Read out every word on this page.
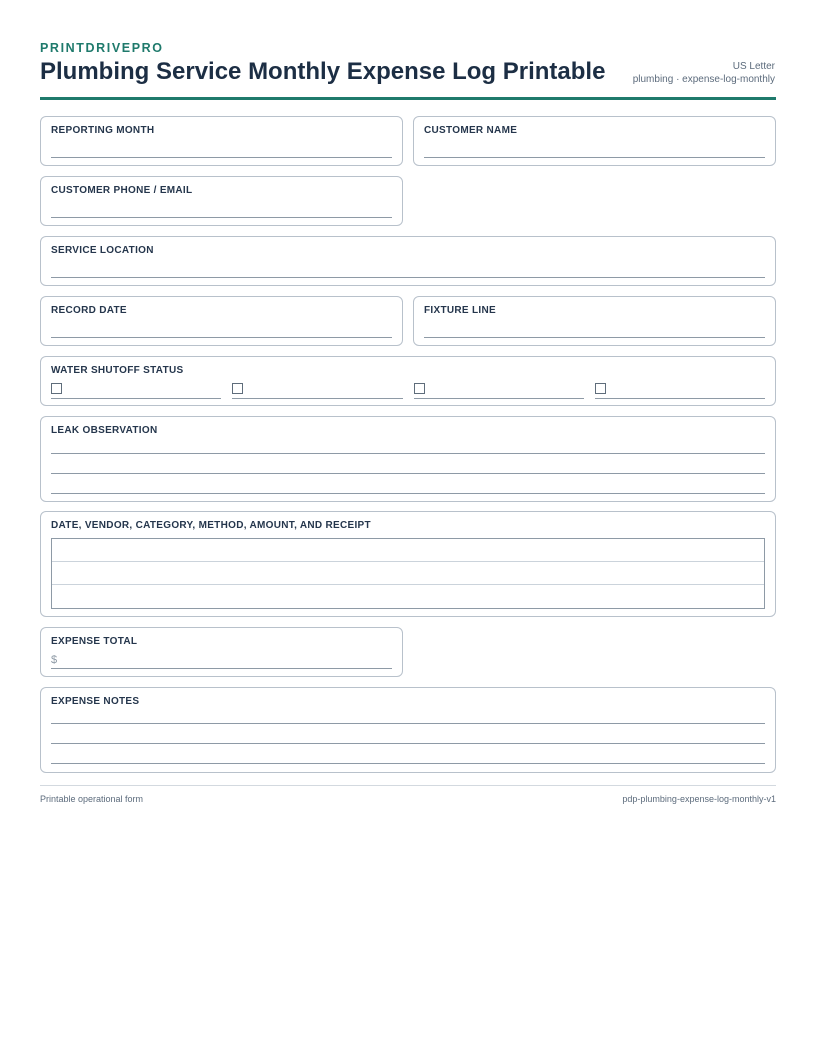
PRINTDRIVEPRO
Plumbing Service Monthly Expense Log Printable	US Letter
plumbing · expense-log-monthly
REPORTING MONTH	CUSTOMER NAME
CUSTOMER PHONE / EMAIL
SERVICE LOCATION
RECORD DATE	FIXTURE LINE
WATER SHUTOFF STATUS
LEAK OBSERVATION
DATE, VENDOR, CATEGORY, METHOD, AMOUNT, AND RECEIPT
EXPENSE TOTAL
$
EXPENSE NOTES
Printable operational form	pdp-plumbing-expense-log-monthly-v1
